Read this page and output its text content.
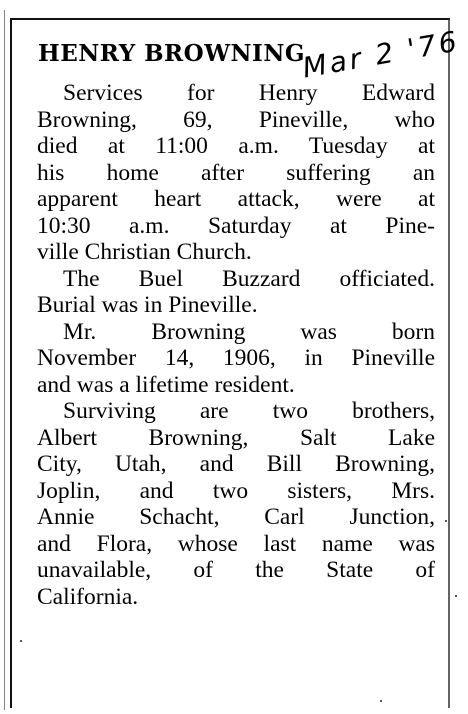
HENRY BROWNING
Mar 2 '76
Services for Henry Edward
Browning, 69, Pineville, who
died at 11:00 a.m. Tuesday at
his home after suffering an
apparent heart attack, were at
10:30 a.m. Saturday at Pine-
ville Christian Church.
The Buel Buzzard officiated.
Burial was in Pineville.
Mr. Browning was born
November 14, 1906, in Pineville
and was a lifetime resident.
Surviving are two brothers,
Albert Browning, Salt Lake
City, Utah, and Bill Browning,
Joplin, and two sisters, Mrs.
Annie Schacht, Carl Junction,
and Flora, whose last name was
unavailable, of the State of
California.
